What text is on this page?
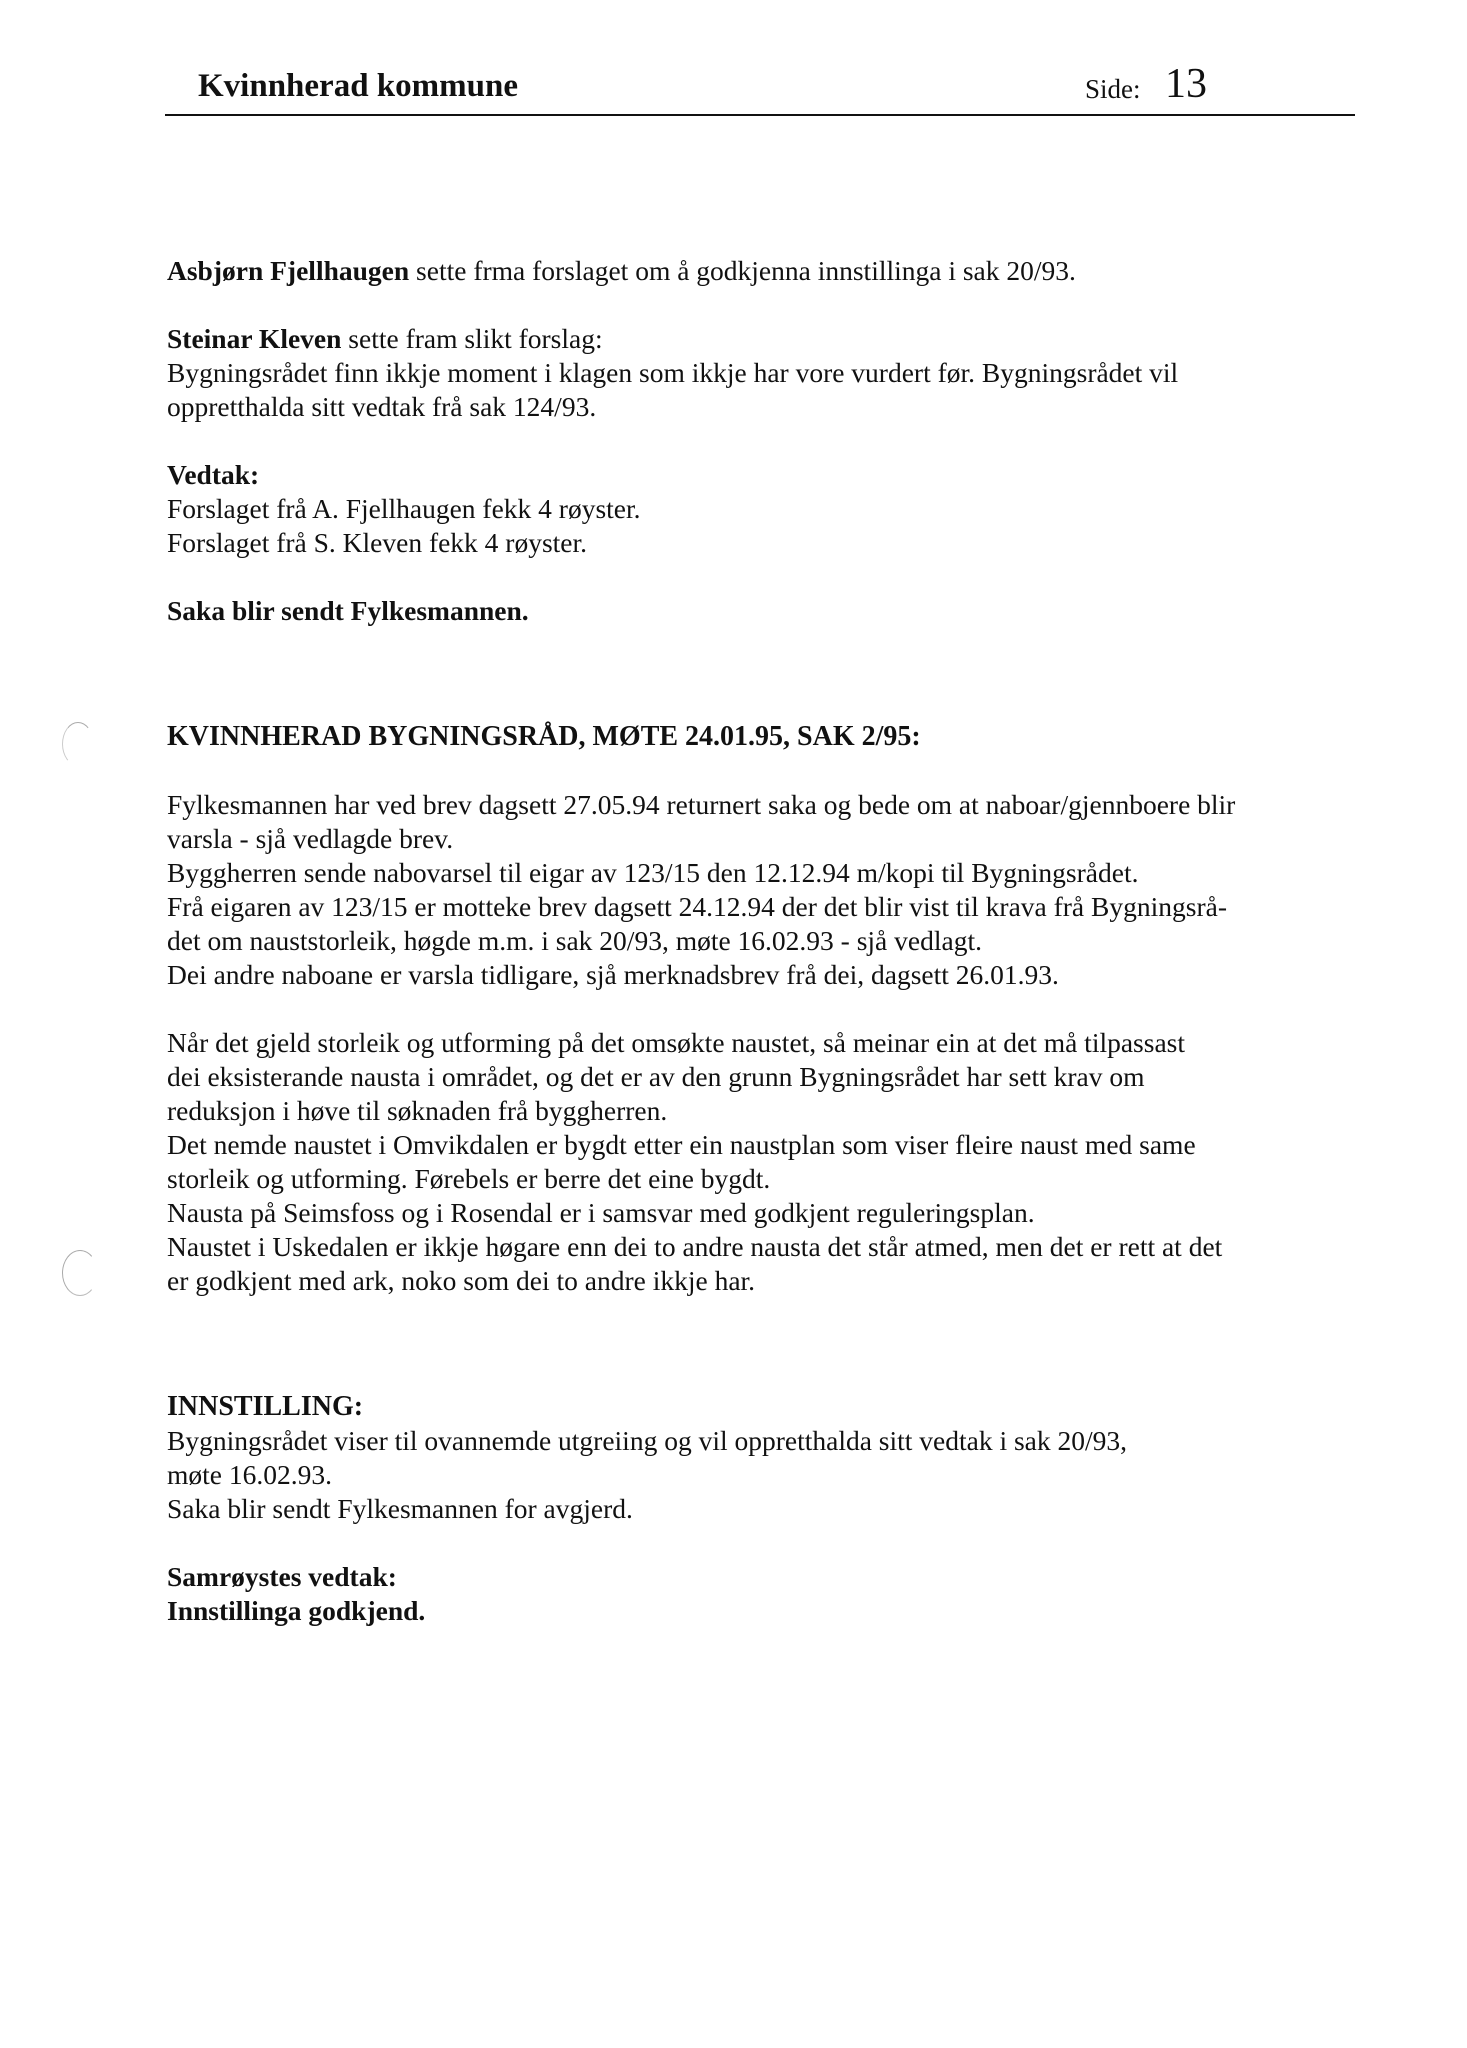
Kvinnherad kommune	Side: 13

Asbjørn Fjellhaugen sette frma forslaget om å godkjenna innstillinga i sak 20/93.

Steinar Kleven sette fram slikt forslag:

Bygningsrådet finn ikkje moment i klagen som ikkje har vore vurdert før. Bygningsrådet vil

oppretthalda sitt vedtak frå sak 124/93.

Vedtak:

Forslaget frå A. Fjellhaugen fekk 4 røyster.

Forslaget frå S. Kleven fekk 4 røyster.

Saka blir sendt Fylkesmannen.

KVINNHERAD BYGNINGSRÅD, MØTE 24.01.95, SAK 2/95:

Fylkesmannen har ved brev dagsett 27.05.94 returnert saka og bede om at naboar/gjennboere blir

varsla - sjå vedlagde brev.

Byggherren sende nabovarsel til eigar av 123/15 den 12.12.94 m/kopi til Bygningsrådet.

Frå eigaren av 123/15 er motteke brev dagsett 24.12.94 der det blir vist til krava frå Bygningsrå-

det om naustst​orleik, høgde m.m. i sak 20/93, møte 16.02.93 - sjå vedlagt.

Dei andre naboane er varsla tidligare, sjå merknadsbrev frå dei, dagsett 26.01.93.

Når det gjeld storleik og utforming på det omsøkte naustet, så meinar ein at det må tilpassast

dei eksisterande nausta i området, og det er av den grunn Bygningsrådet har sett krav om

reduksjon i høve til søknaden frå byggherren.

Det nemde naustet i Omvikdalen er bygdt etter ein naustplan som viser fleire naust med same

storleik og utforming. Førebels er berre det eine bygdt.

Nausta på Seimsfoss og i Rosendal er i samsvar med godkjent reguleringsplan.

Naustet i Uskedalen er ikkje høgare enn dei to andre nausta det står atmed, men det er rett at det

er godkjent med ark, noko som dei to andre ikkje har.

INNSTILLING:

Bygningsrådet viser til ovannemde utgreiing og vil oppretthalda sitt vedtak i sak 20/93,

møte 16.02.93.

Saka blir sendt Fylkesmannen for avgjerd.

Samrøystes vedtak:

Innstillinga godkjend.
